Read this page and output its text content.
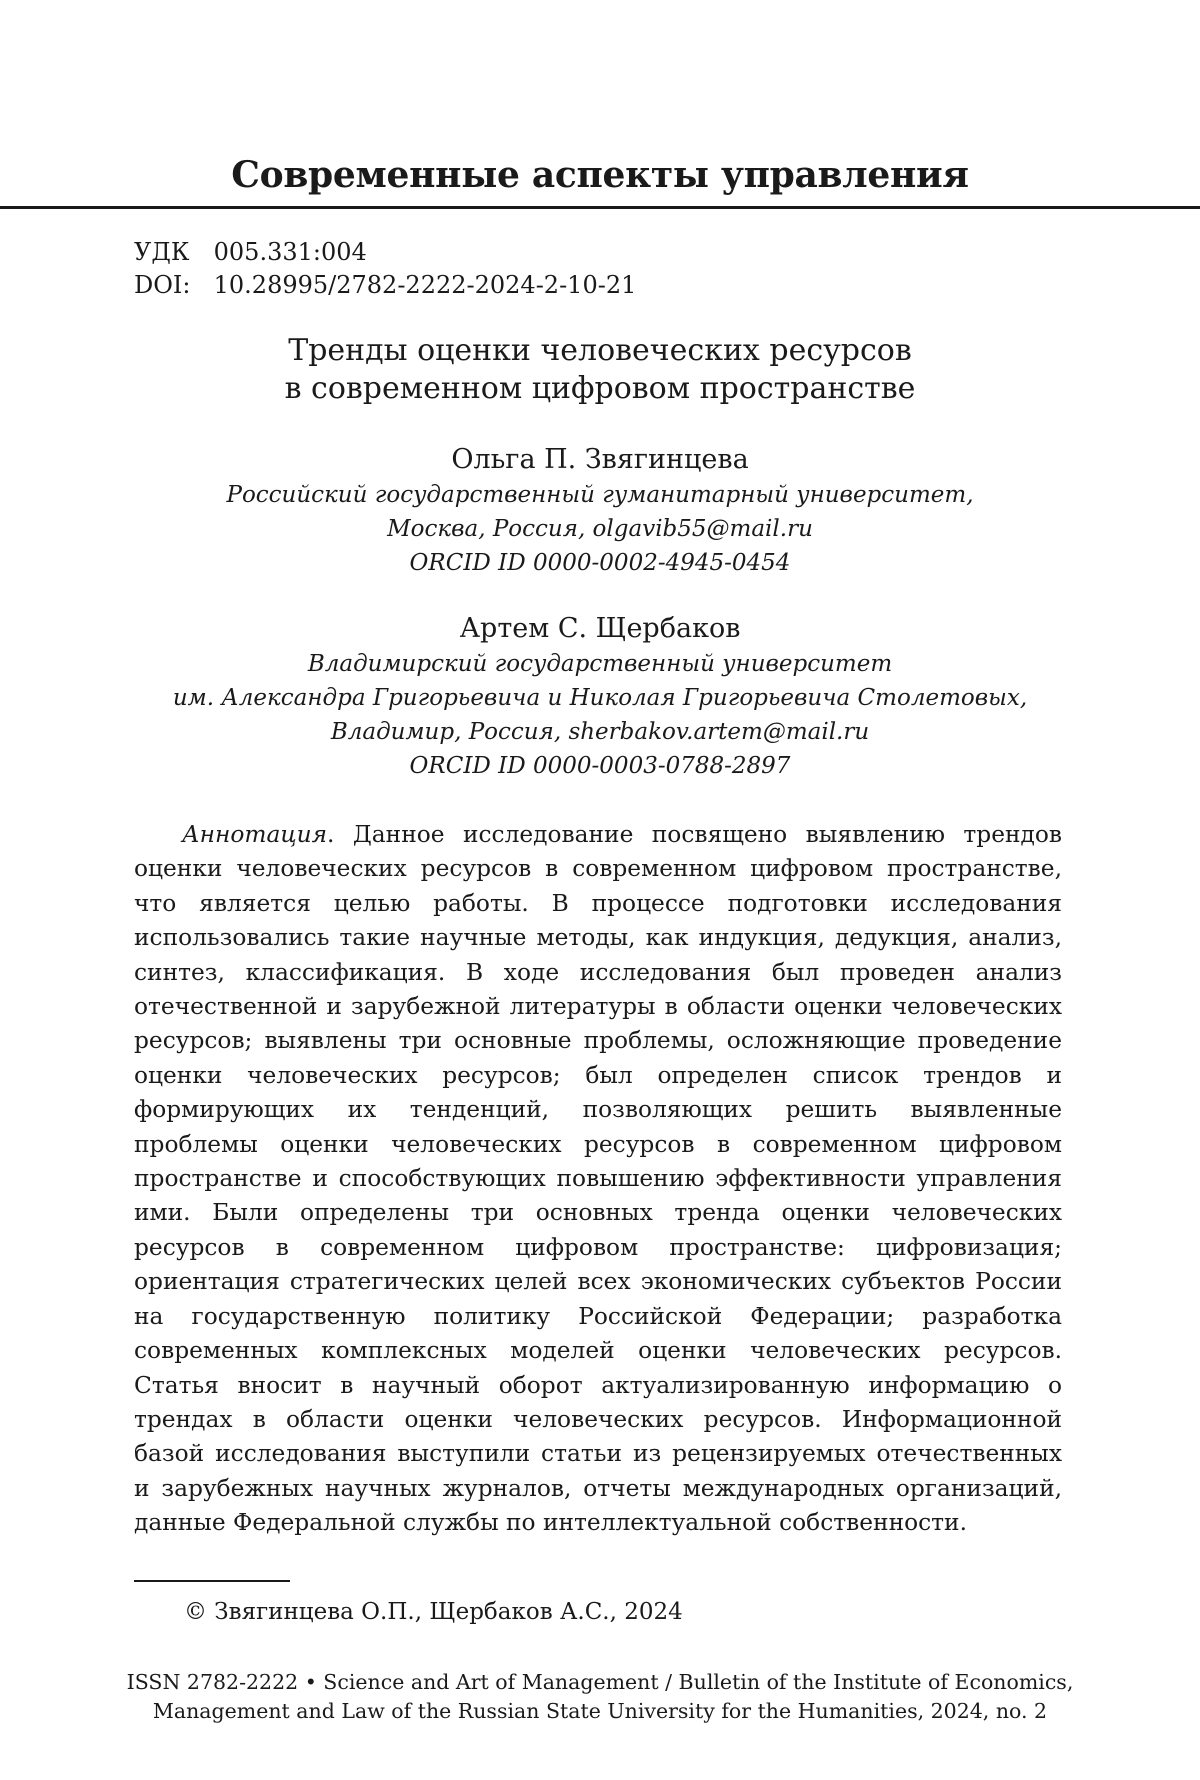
Современные аспекты управления
УДК 005.331:004
DOI: 10.28995/2782-2222-2024-2-10-21
Тренды оценки человеческих ресурсов
в современном цифровом пространстве
Ольга П. Звягинцева
Российский государственный гуманитарный университет,
Москва, Россия, olgavib55@mail.ru
ORCID ID 0000-0002-4945-0454
Артем С. Щербаков
Владимирский государственный университет
им. Александра Григорьевича и Николая Григорьевича Столетовых,
Владимир, Россия, sherbakov.artem@mail.ru
ORCID ID 0000-0003-0788-2897
Аннотация. Данное исследование посвящено выявлению трендов оценки человеческих ресурсов в современном цифровом пространстве, что является целью работы. В процессе подготовки исследования использовались такие научные методы, как индукция, дедукция, анализ, синтез, классификация. В ходе исследования был проведен анализ отечественной и зарубежной литературы в области оценки человеческих ресурсов; выявлены три основные проблемы, осложняющие проведение оценки человеческих ресурсов; был определен список трендов и формирующих их тенденций, позволяющих решить выявленные проблемы оценки человеческих ресурсов в современном цифровом пространстве и способствующих повышению эффективности управления ими. Были определены три основных тренда оценки человеческих ресурсов в современном цифровом пространстве: цифровизация; ориентация стратегических целей всех экономических субъектов России на государственную политику Российской Федерации; разработка современных комплексных моделей оценки человеческих ресурсов. Статья вносит в научный оборот актуализированную информацию о трендах в области оценки человеческих ресурсов. Информационной базой исследования выступили статьи из рецензируемых отечественных и зарубежных научных журналов, отчеты международных организаций, данные Федеральной службы по интеллектуальной собственности.
© Звягинцева О.П., Щербаков А.С., 2024
ISSN 2782-2222 • Science and Art of Management / Bulletin of the Institute of Economics,
Management and Law of the Russian State University for the Humanities, 2024, no. 2
